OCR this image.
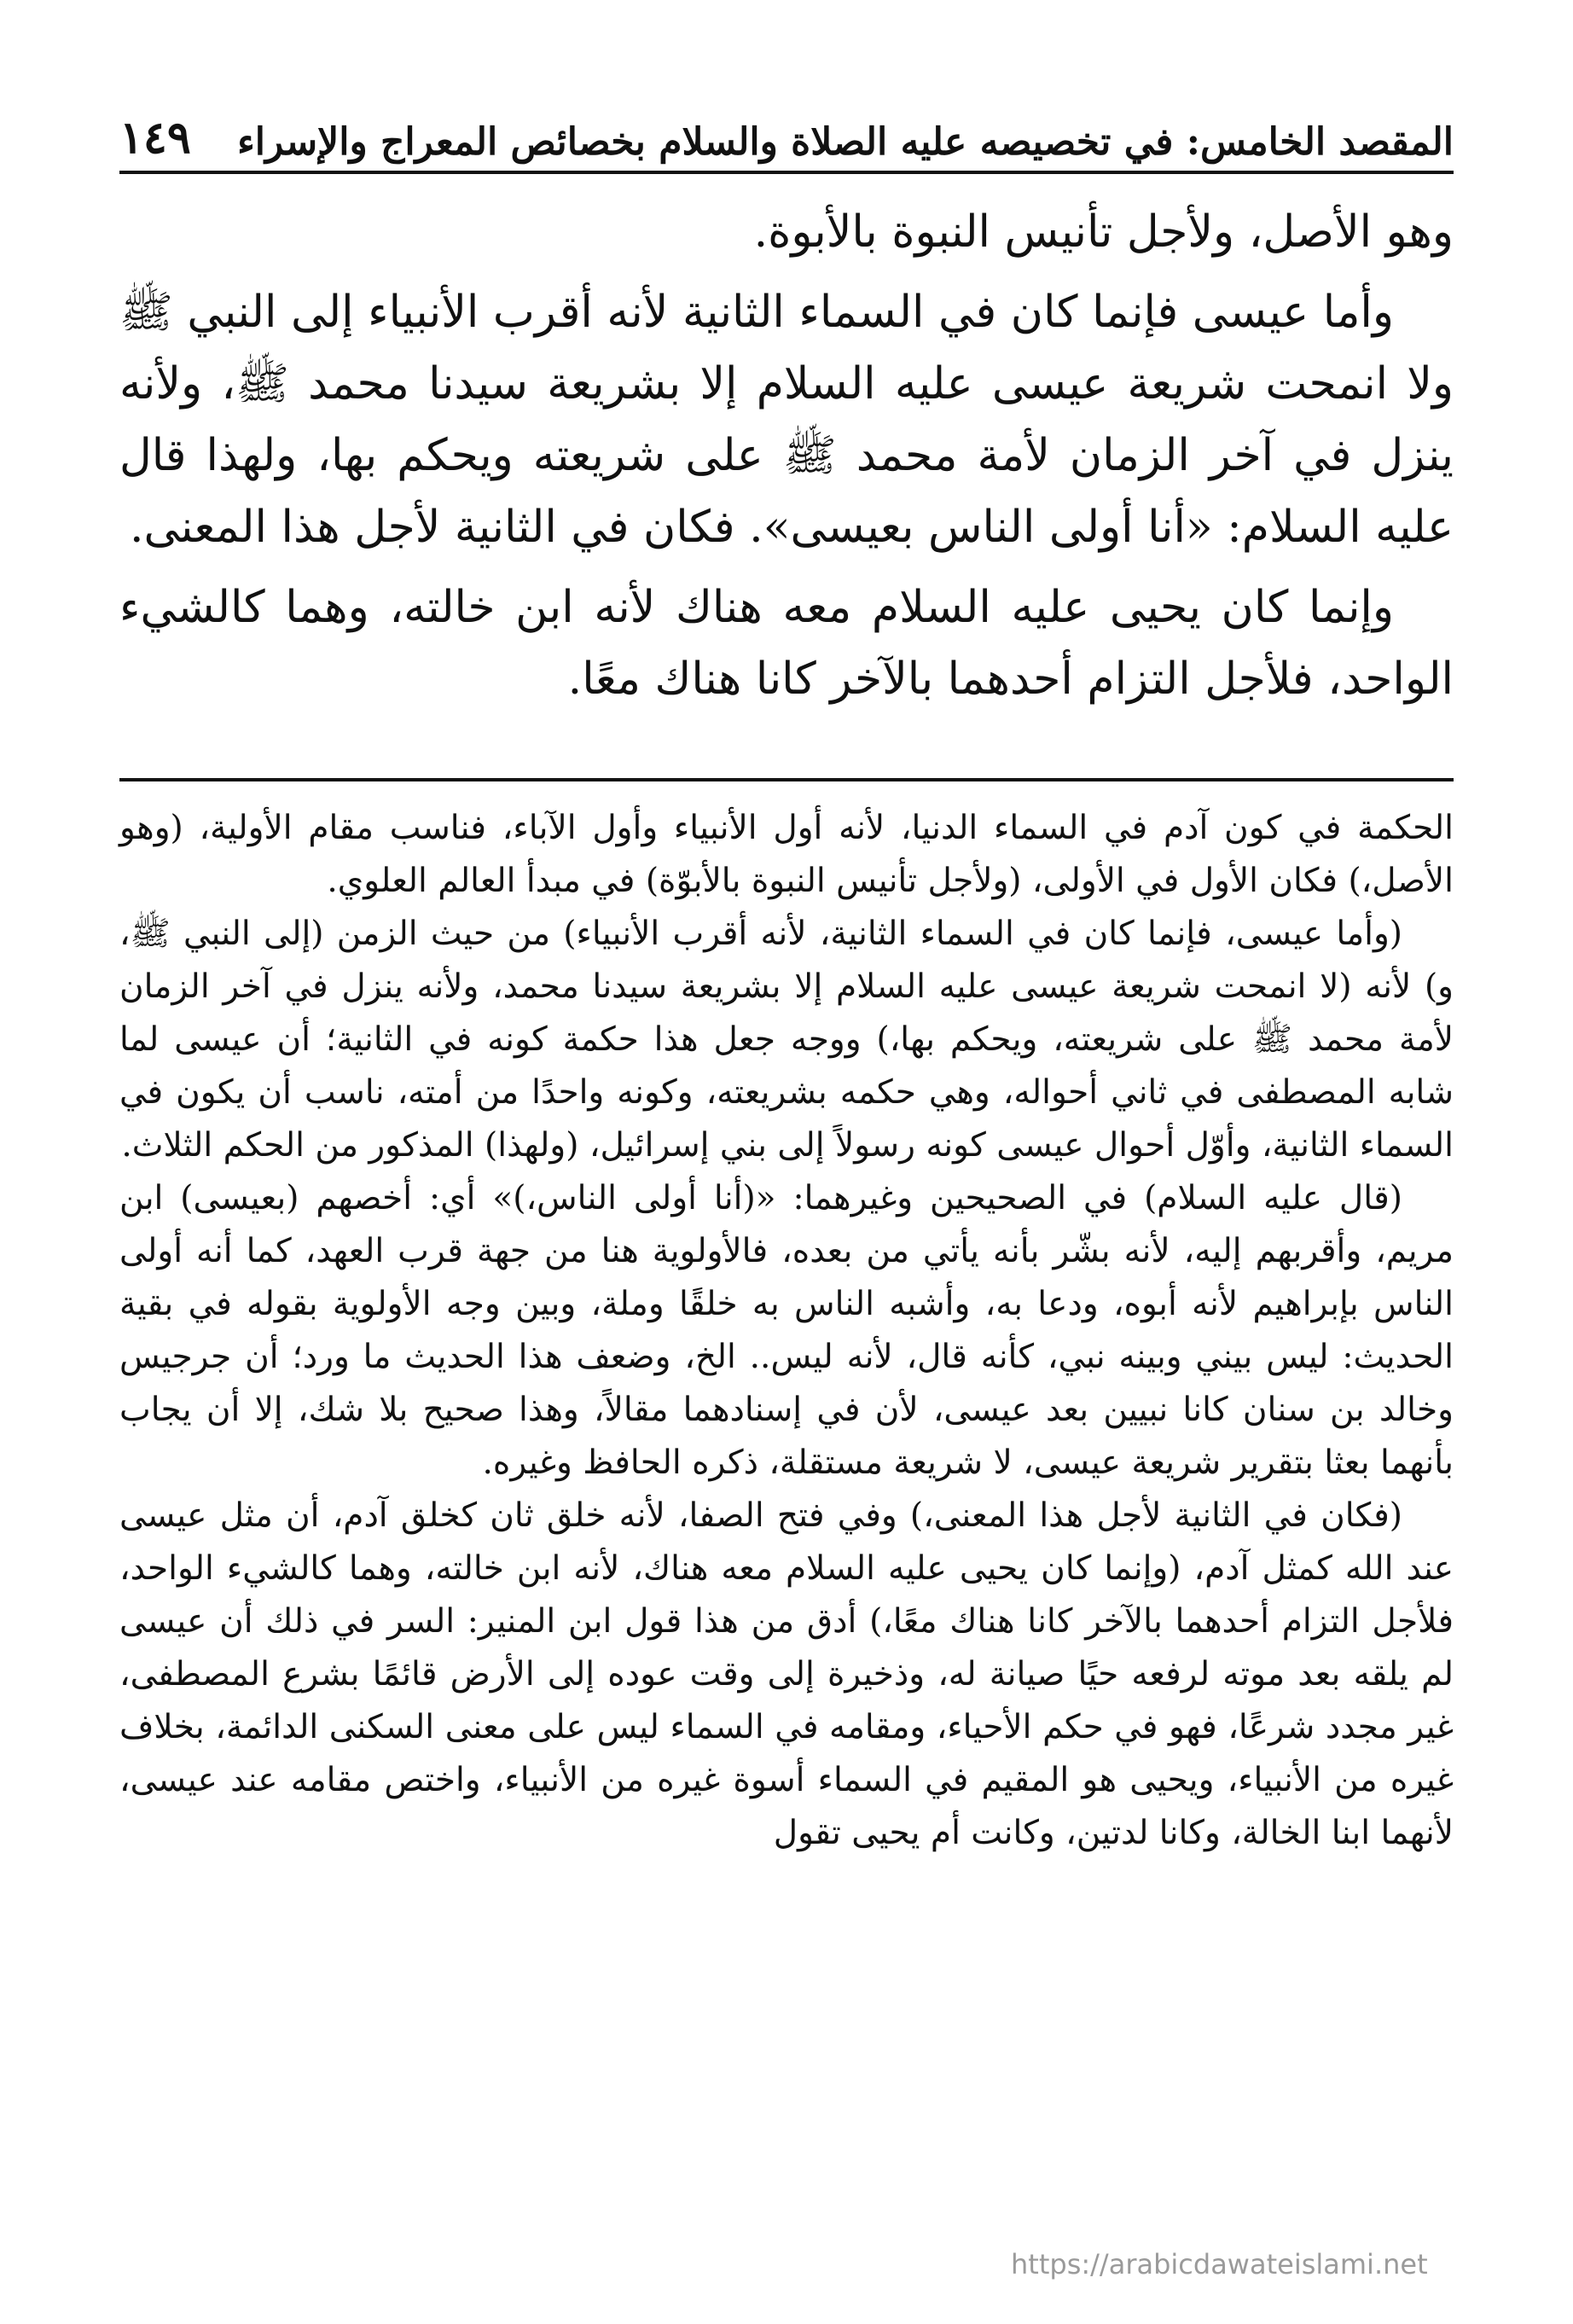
المقصد الخامس: في تخصيصه عليه الصلاة والسلام بخصائص المعراج والإسراء
١٤٩

وهو الأصل، ولأجل تأنيس النبوة بالأبوة.

وأما عيسى فإنما كان في السماء الثانية لأنه أقرب الأنبياء إلى النبي ﷺ ولا انمحت شريعة عيسى عليه السلام إلا بشريعة سيدنا محمد ﷺ، ولأنه ينزل في آخر الزمان لأمة محمد ﷺ على شريعته ويحكم بها، ولهذا قال عليه السلام: «أنا أولى الناس بعيسى». فكان في الثانية لأجل هذا المعنى.

وإنما كان يحيى عليه السلام معه هناك لأنه ابن خالته، وهما كالشيء الواحد، فلأجل التزام أحدهما بالآخر كانا هناك معًا.

الحكمة في كون آدم في السماء الدنيا، لأنه أول الأنبياء وأول الآباء، فناسب مقام الأولية، (وهو الأصل،) فكان الأول في الأولى، (ولأجل تأنيس النبوة بالأبوّة) في مبدأ العالم العلوي.

(وأما عيسى، فإنما كان في السماء الثانية، لأنه أقرب الأنبياء) من حيث الزمن (إلى النبي ﷺ، و) لأنه (لا انمحت شريعة عيسى عليه السلام إلا بشريعة سيدنا محمد، ولأنه ينزل في آخر الزمان لأمة محمد ﷺ على شريعته، ويحكم بها،) ووجه جعل هذا حكمة كونه في الثانية؛ أن عيسى لما شابه المصطفى في ثاني أحواله، وهي حكمه بشريعته، وكونه واحدًا من أمته، ناسب أن يكون في السماء الثانية، وأوّل أحوال عيسى كونه رسولاً إلى بني إسرائيل، (ولهذا) المذكور من الحكم الثلاث.

(قال عليه السلام) في الصحيحين وغيرهما: «(أنا أولى الناس،)» أي: أخصهم (بعيسى) ابن مريم، وأقربهم إليه، لأنه بشّر بأنه يأتي من بعده، فالأولوية هنا من جهة قرب العهد، كما أنه أولى الناس بإبراهيم لأنه أبوه، ودعا به، وأشبه الناس به خلقًا وملة، وبين وجه الأولوية بقوله في بقية الحديث: ليس بيني وبينه نبي، كأنه قال، لأنه ليس.. الخ، وضعف هذا الحديث ما ورد؛ أن جرجيس وخالد بن سنان كانا نبيين بعد عيسى، لأن في إسنادهما مقالاً، وهذا صحيح بلا شك، إلا أن يجاب بأنهما بعثا بتقرير شريعة عيسى، لا شريعة مستقلة، ذكره الحافظ وغيره.

(فكان في الثانية لأجل هذا المعنى،) وفي فتح الصفا، لأنه خلق ثان كخلق آدم، أن مثل عيسى عند الله كمثل آدم، (وإنما كان يحيى عليه السلام معه هناك، لأنه ابن خالته، وهما كالشيء الواحد، فلأجل التزام أحدهما بالآخر كانا هناك معًا،) أدق من هذا قول ابن المنير: السر في ذلك أن عيسى لم يلقه بعد موته لرفعه حيًا صيانة له، وذخيرة إلى وقت عوده إلى الأرض قائمًا بشرع المصطفى، غير مجدد شرعًا، فهو في حكم الأحياء، ومقامه في السماء ليس على معنى السكنى الدائمة، بخلاف غيره من الأنبياء، ويحيى هو المقيم في السماء أسوة غيره من الأنبياء، واختص مقامه عند عيسى، لأنهما ابنا الخالة، وكانا لدتين، وكانت أم يحيى تقول

https://arabicdawateislami.net
